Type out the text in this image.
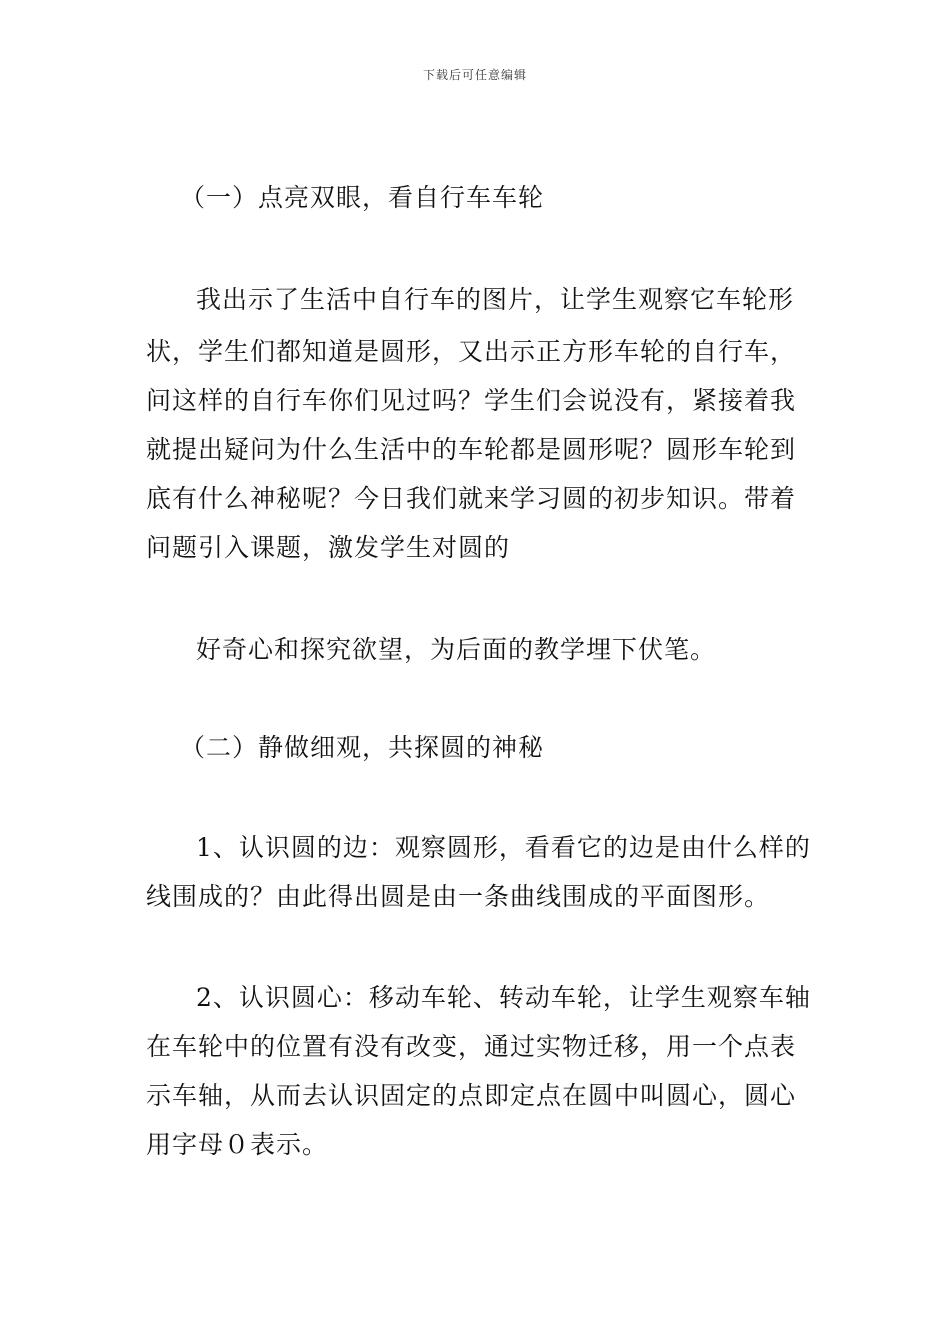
下载后可任意编辑
（一）点亮双眼，看自行车车轮
我出示了生活中自行车的图片，让学生观察它车轮形
状，学生们都知道是圆形，又出示正方形车轮的自行车，
问这样的自行车你们见过吗？学生们会说没有，紧接着我
就提出疑问为什么生活中的车轮都是圆形呢？圆形车轮到
底有什么神秘呢？今日我们就来学习圆的初步知识。带着
问题引入课题，激发学生对圆的
好奇心和探究欲望，为后面的教学埋下伏笔。
（二）静做细观，共探圆的神秘
1、认识圆的边：观察圆形，看看它的边是由什么样的
线围成的？由此得出圆是由一条曲线围成的平面图形。
2、认识圆心：移动车轮、转动车轮，让学生观察车轴
在车轮中的位置有没有改变，通过实物迁移，用一个点表
示车轴，从而去认识固定的点即定点在圆中叫圆心，圆心
用字母０表示。
